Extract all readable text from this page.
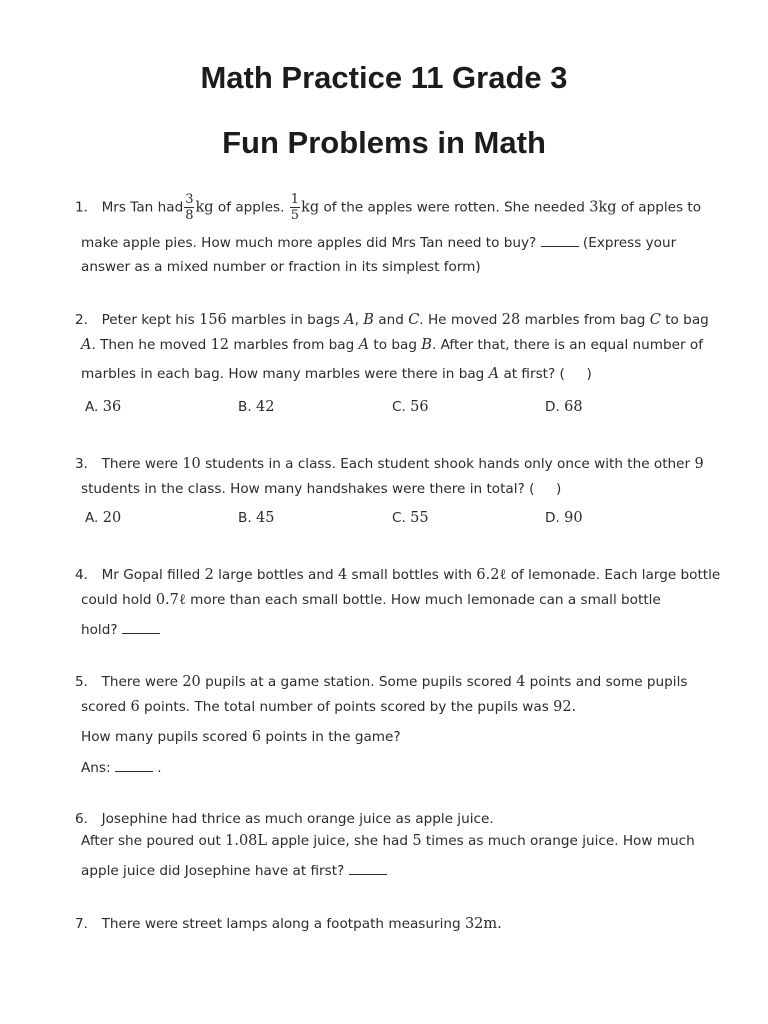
Math Practice 11 Grade 3
Fun Problems in Math
1． Mrs Tan had $\frac{3}{8}$ kg of apples. $\frac{1}{5}$ kg of the apples were rotten. She needed 3kg of apples to
make apple pies. How much more apples did Mrs Tan need to buy?	(Express your
answer as a mixed number or fraction in its simplest form)
2． Peter kept his 156 marbles in bags A, B and C. He moved 28 marbles from bag C to bag
A. Then he moved 12 marbles from bag A to bag B. After that, there is an equal number of
marbles in each bag. How many marbles were there in bag A at first? ( )
A. 36	B. 42	C. 56	D. 68
3． There were 10 students in a class. Each student shook hands only once with the other 9
students in the class. How many handshakes were there in total? ( )
A. 20	B. 45	C. 55	D. 90
4． Mr Gopal filled 2 large bottles and 4 small bottles with 6.2ℓ of lemonade. Each large bottle
could hold 0.7ℓ more than each small bottle. How much lemonade can a small bottle
hold?
5． There were 20 pupils at a game station. Some pupils scored 4 points and some pupils
scored 6 points. The total number of points scored by the pupils was 92.
How many pupils scored 6 points in the game?
Ans:	.
6． Josephine had thrice as much orange juice as apple juice.
After she poured out 1.08L apple juice, she had 5 times as much orange juice. How much
apple juice did Josephine have at first?
7． There were street lamps along a footpath measuring 32m.
